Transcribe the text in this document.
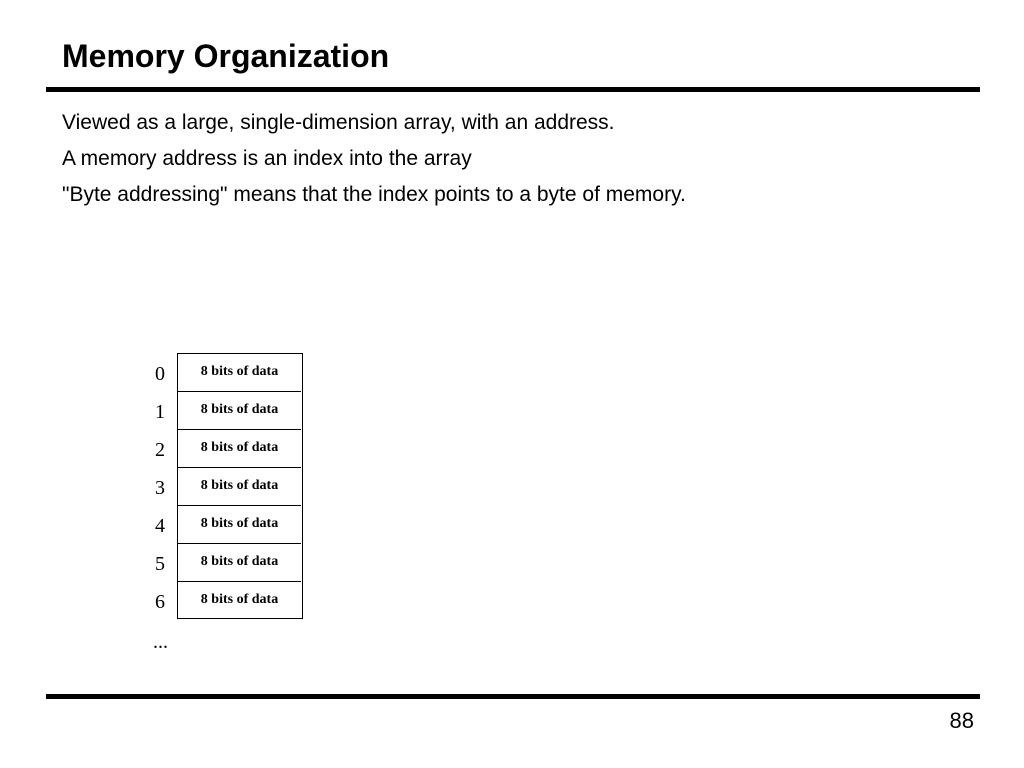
Memory Organization
Viewed as a large, single-dimension array, with an address.
A memory address is an index into the array
"Byte addressing" means that the index points to a byte of memory.
0
1
2
3
4
5
6
8 bits of data
8 bits of data
8 bits of data
8 bits of data
8 bits of data
8 bits of data
8 bits of data
...
88
